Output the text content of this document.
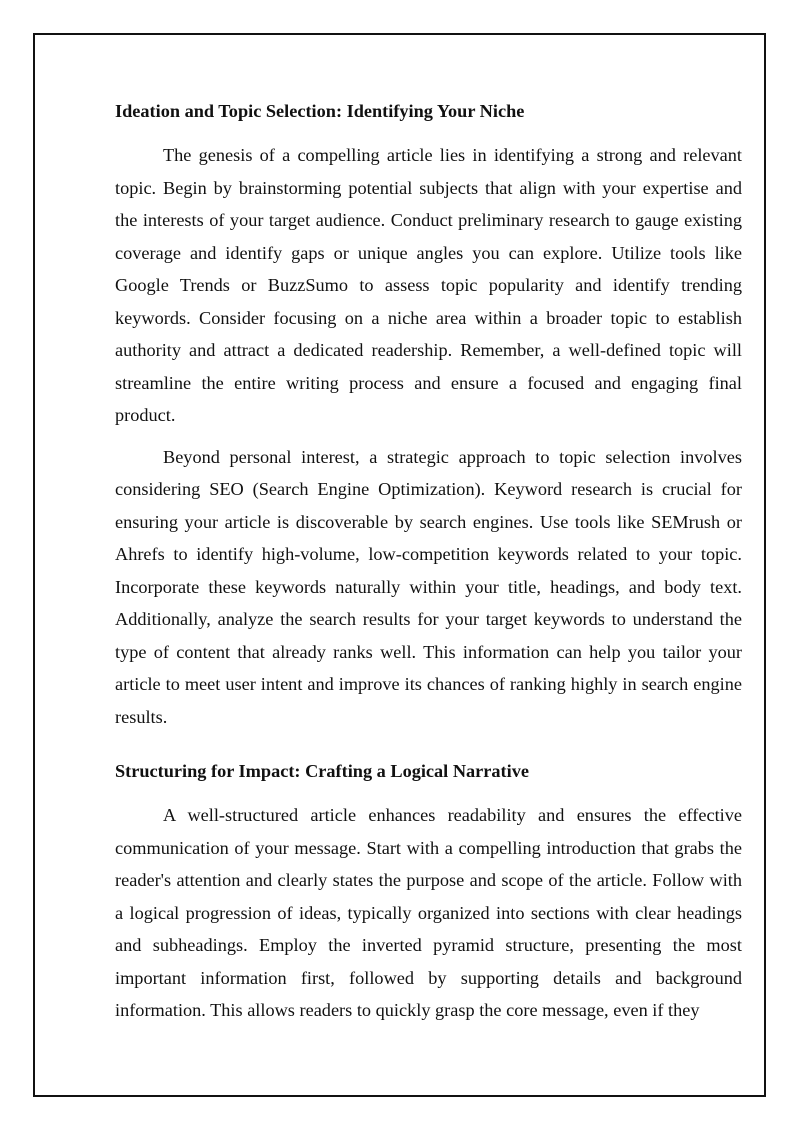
Ideation and Topic Selection: Identifying Your Niche

The genesis of a compelling article lies in identifying a strong and relevant topic. Begin by brainstorming potential subjects that align with your expertise and the interests of your target audience. Conduct preliminary research to gauge existing coverage and identify gaps or unique angles you can explore. Utilize tools like Google Trends or BuzzSumo to assess topic popularity and identify trending keywords. Consider focusing on a niche area within a broader topic to establish authority and attract a dedicated readership. Remember, a well-defined topic will streamline the entire writing process and ensure a focused and engaging final product.

Beyond personal interest, a strategic approach to topic selection involves considering SEO (Search Engine Optimization). Keyword research is crucial for ensuring your article is discoverable by search engines. Use tools like SEMrush or Ahrefs to identify high-volume, low-competition keywords related to your topic. Incorporate these keywords naturally within your title, headings, and body text. Additionally, analyze the search results for your target keywords to understand the type of content that already ranks well. This information can help you tailor your article to meet user intent and improve its chances of ranking highly in search engine results.

Structuring for Impact: Crafting a Logical Narrative

A well-structured article enhances readability and ensures the effective communication of your message. Start with a compelling introduction that grabs the reader's attention and clearly states the purpose and scope of the article. Follow with a logical progression of ideas, typically organized into sections with clear headings and subheadings. Employ the inverted pyramid structure, presenting the most important information first, followed by supporting details and background information. This allows readers to quickly grasp the core message, even if they
